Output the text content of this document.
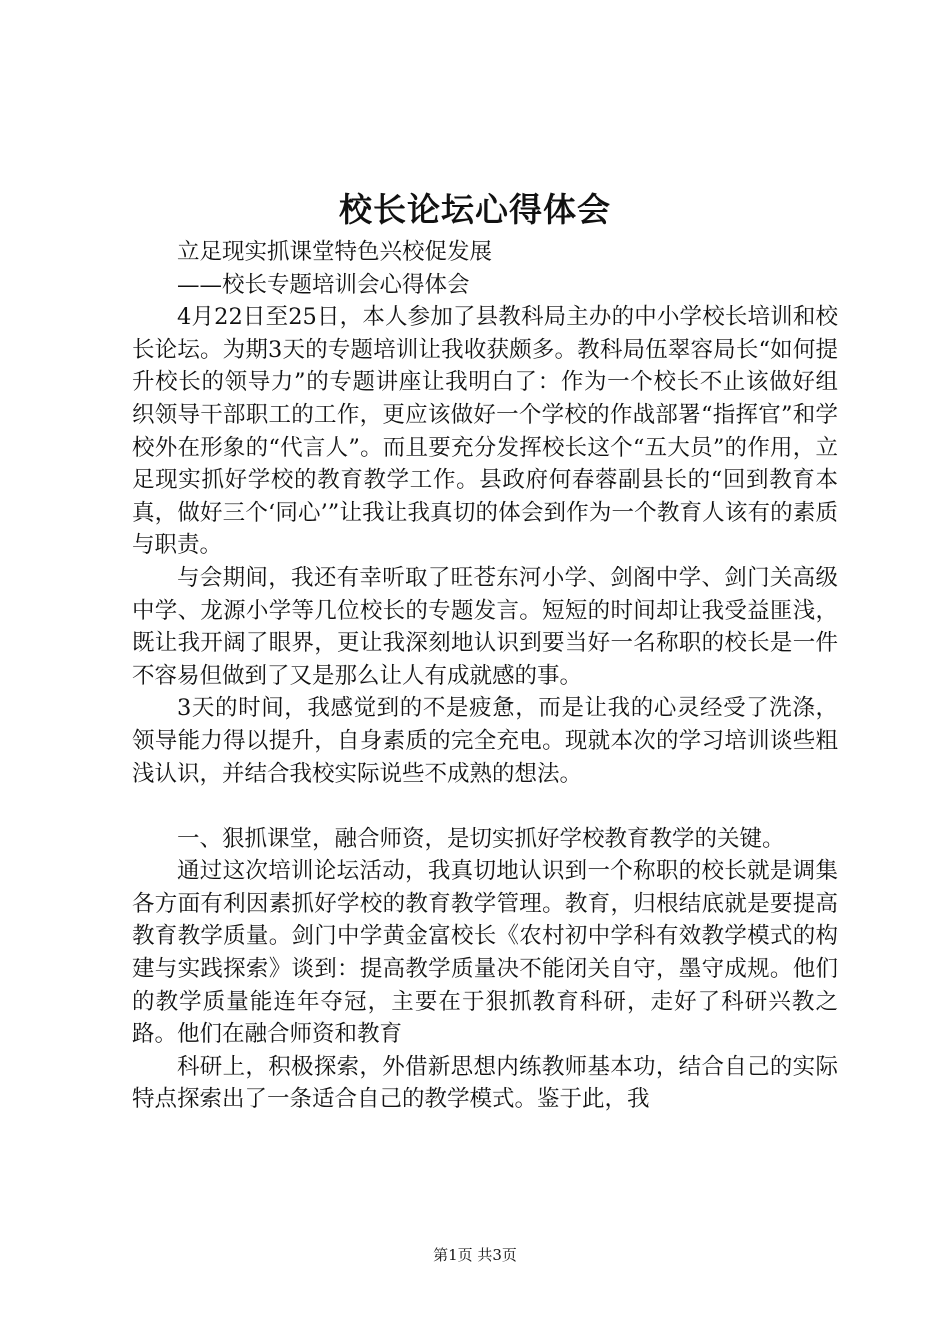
校长论坛心得体会

立足现实抓课堂特色兴校促发展

——校长专题培训会心得体会

4月22日至25日，本人参加了县教科局主办的中小学校长培训和校长论坛。为期3天的专题培训让我收获颇多。教科局伍翠容局长“如何提升校长的领导力”的专题讲座让我明白了：作为一个校长不止该做好组织领导干部职工的工作，更应该做好一个学校的作战部署“指挥官”和学校外在形象的“代言人”。而且要充分发挥校长这个“五大员”的作用，立足现实抓好学校的教育教学工作。县政府何春蓉副县长的“回到教育本真，做好三个‘同心’”让我让我真切的体会到作为一个教育人该有的素质与职责。

与会期间，我还有幸听取了旺苍东河小学、剑阁中学、剑门关高级中学、龙源小学等几位校长的专题发言。短短的时间却让我受益匪浅，既让我开阔了眼界，更让我深刻地认识到要当好一名称职的校长是一件不容易但做到了又是那么让人有成就感的事。

3天的时间，我感觉到的不是疲惫，而是让我的心灵经受了洗涤，领导能力得以提升，自身素质的完全充电。现就本次的学习培训谈些粗浅认识，并结合我校实际说些不成熟的想法。

一、狠抓课堂，融合师资，是切实抓好学校教育教学的关键。

通过这次培训论坛活动，我真切地认识到一个称职的校长就是调集各方面有利因素抓好学校的教育教学管理。教育，归根结底就是要提高教育教学质量。剑门中学黄金富校长《农村初中学科有效教学模式的构建与实践探索》谈到：提高教学质量决不能闭关自守，墨守成规。他们的教学质量能连年夺冠，主要在于狠抓教育科研，走好了科研兴教之路。他们在融合师资和教育

科研上，积极探索，外借新思想内练教师基本功，结合自己的实际特点探索出了一条适合自己的教学模式。鉴于此，我

第1页 共3页
